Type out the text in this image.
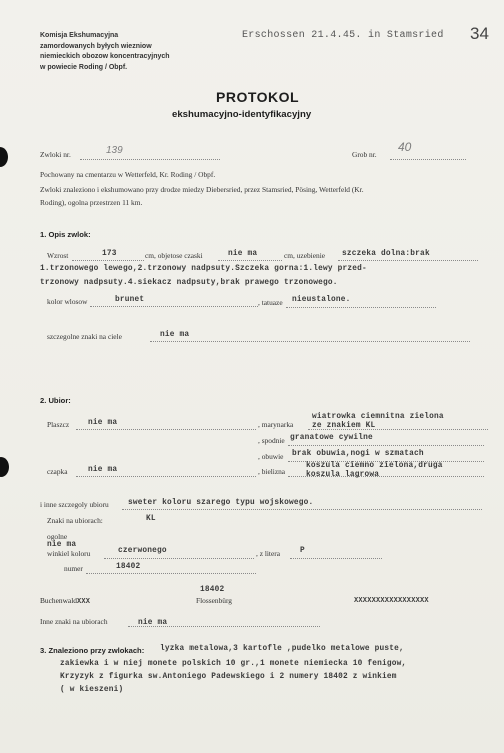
Komisja Ekshumacyjna
zamordowanych byłych wiezniow
niemieckich obozow koncentracyjnych
w powiecie Roding / Obpf.
Erschossen 21.4.45. in Stamsried 34
PROTOKOL
ekshumacyjno-identyfikacyjny
Zwloki nr.	139	Grob nr.
40
Pochowany na cmentarzu w Wetterfeld, Kr. Roding / Obpf.
Zwloki znaleziono i ekshumowano przy drodze miedzy Diebersried, przez Stamsried, Pösing, Wetterfeld (Kr.
Roding), ogolna przestrzen 11 km.
1. Opis zwlok:
Wzrost	173	cm, objetose czaski	nie ma	cm, uzebienie szczeka dolna:brak
1.trzonowego lewego,2.trzonowy nadpsuty.Szczeka gorna:1.lewy przed-
trzonowy nadpsuty.4.siekacz nadpsuty,brak prawego trzonowego.
kolor wlosow	brunet	, tatuaze nieustalone.
szczegolne znaki na ciele	nie ma
2. Ubior:
Plaszcz nie ma	, marynarka
wiatrowka ciemnitna zielona
ze znakiem KL
, spodnie granatowe cywilne
, obuwie brak obuwia,nogi w szmatach
czapka	nie ma	, bielizna
koszula ciemno zielona,druga
koszula lagrowa
i inne szczegoly ubioru sweter koloru szarego typu wojskowego.
Znaki na ubiorach:	KL
ogolne
nie ma
winkiel koloru	czerwonego	, z litera	P
numer	18402
BuchenwaldXXX
18402
Flossenbürg	XXXXXXXXXXXXXXXXX
Inne znaki na ubiorach	nie ma
3. Znaleziono przy zwlokach: lyzka metalowa,3 kartofle ,pudelko metalowe puste,
zakiewka i w niej monete polskich 10 gr.,1 monete niemiecka 10 fenigow,
Krzyzyk z figurka sw.Antoniego Padewskiego i 2 numery 18402 z winkiem
( w kieszeni)
